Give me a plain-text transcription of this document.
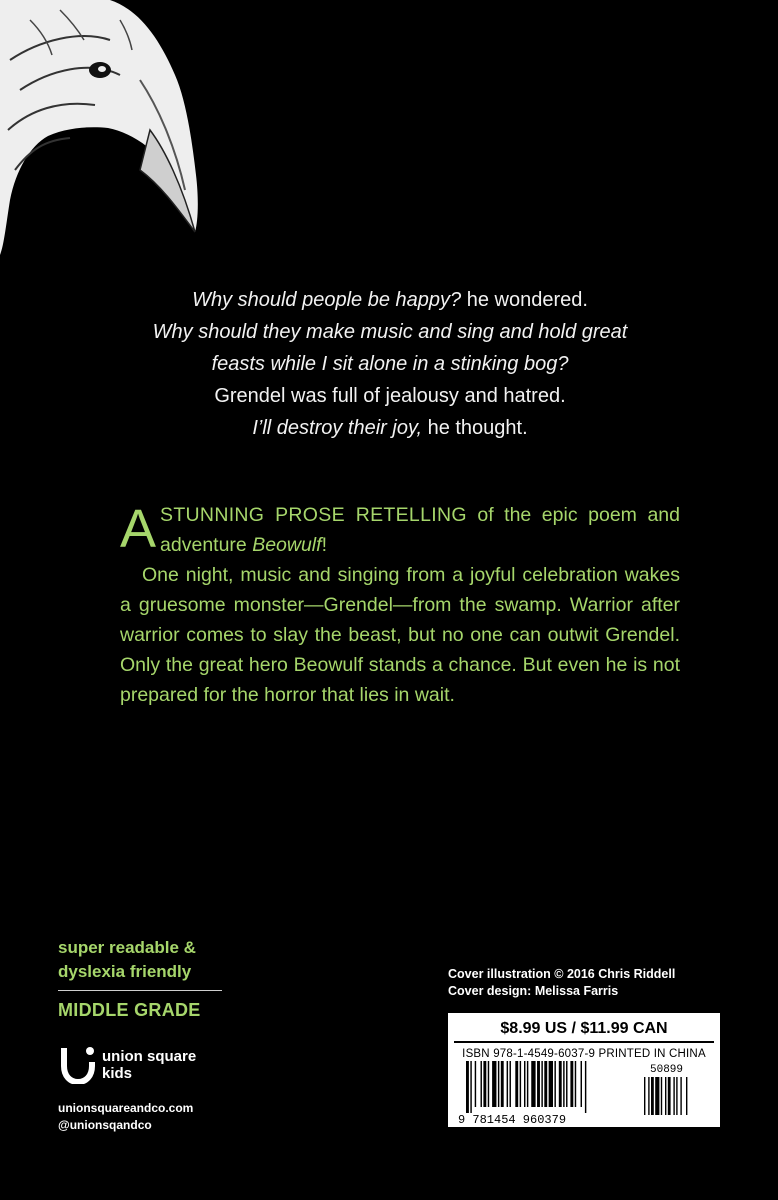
Why should people be happy? he wondered.
Why should they make music and sing and hold great
feasts while I sit alone in a stinking bog?
Grendel was full of jealousy and hatred.
I’ll destroy their joy, he thought.
ASTUNNING PROSE RETELLING of the epic poem and adventure Beowulf!
One night, music and singing from a joyful celebration wakes a gruesome monster—Grendel—from the swamp. Warrior after warrior comes to slay the beast, but no one can outwit Grendel. Only the great hero Beowulf stands a chance. But even he is not prepared for the horror that lies in wait.
super readable &
dyslexia friendly
MIDDLE GRADE
union square
kids
unionsquareandco.com
@unionsqandco
Cover illustration © 2016 Chris Riddell
Cover design: Melissa Farris
$8.99 US / $11.99 CAN
ISBN 978-1-4549-6037-9 PRINTED IN CHINA
9 781454 960379
50899
